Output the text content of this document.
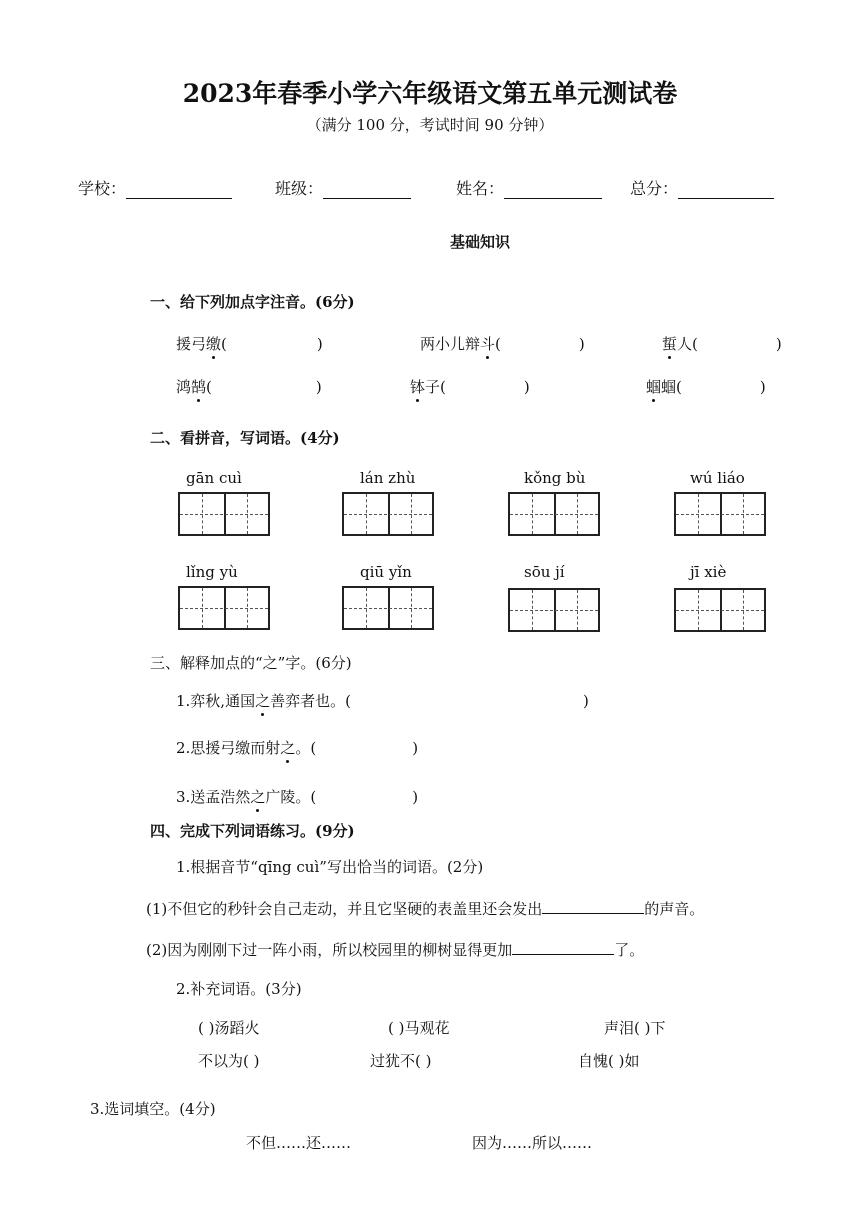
2023年春季小学六年级语文第五单元测试卷
（满分 100 分，考试时间 90 分钟）
学校：	班级：	姓名：	总分：
基础知识
一、给下列加点字注音。(6分)
援弓缴(	)	两小儿辩斗(	)	蜇人(	)
鸿鹄(	)	钵子(	)	蝈蝈(	)
二、看拼音，写词语。(4分)
gān cuì	lán zhù	kǒng bù	wú liáo
lǐng yù	qiū yǐn	sōu jí	jī xiè
三、解释加点的“之”字。(6分)
1.弈秋,通国之善弈者也。(	)
2.思援弓缴而射之。(	)
3.送孟浩然之广陵。(	)
四、完成下列词语练习。(9分)
1.根据音节“qīng cuì”写出恰当的词语。(2分)
(1)不但它的秒针会自己走动，并且它坚硬的表盖里还会发出	的声音。
(2)因为刚刚下过一阵小雨，所以校园里的柳树显得更加	了。
2.补充词语。(3分)
( )汤蹈火	( )马观花	声泪( )下
不以为( )	过犹不( )	自愧( )如
3.选词填空。(4分)
不但……还……	因为……所以……
